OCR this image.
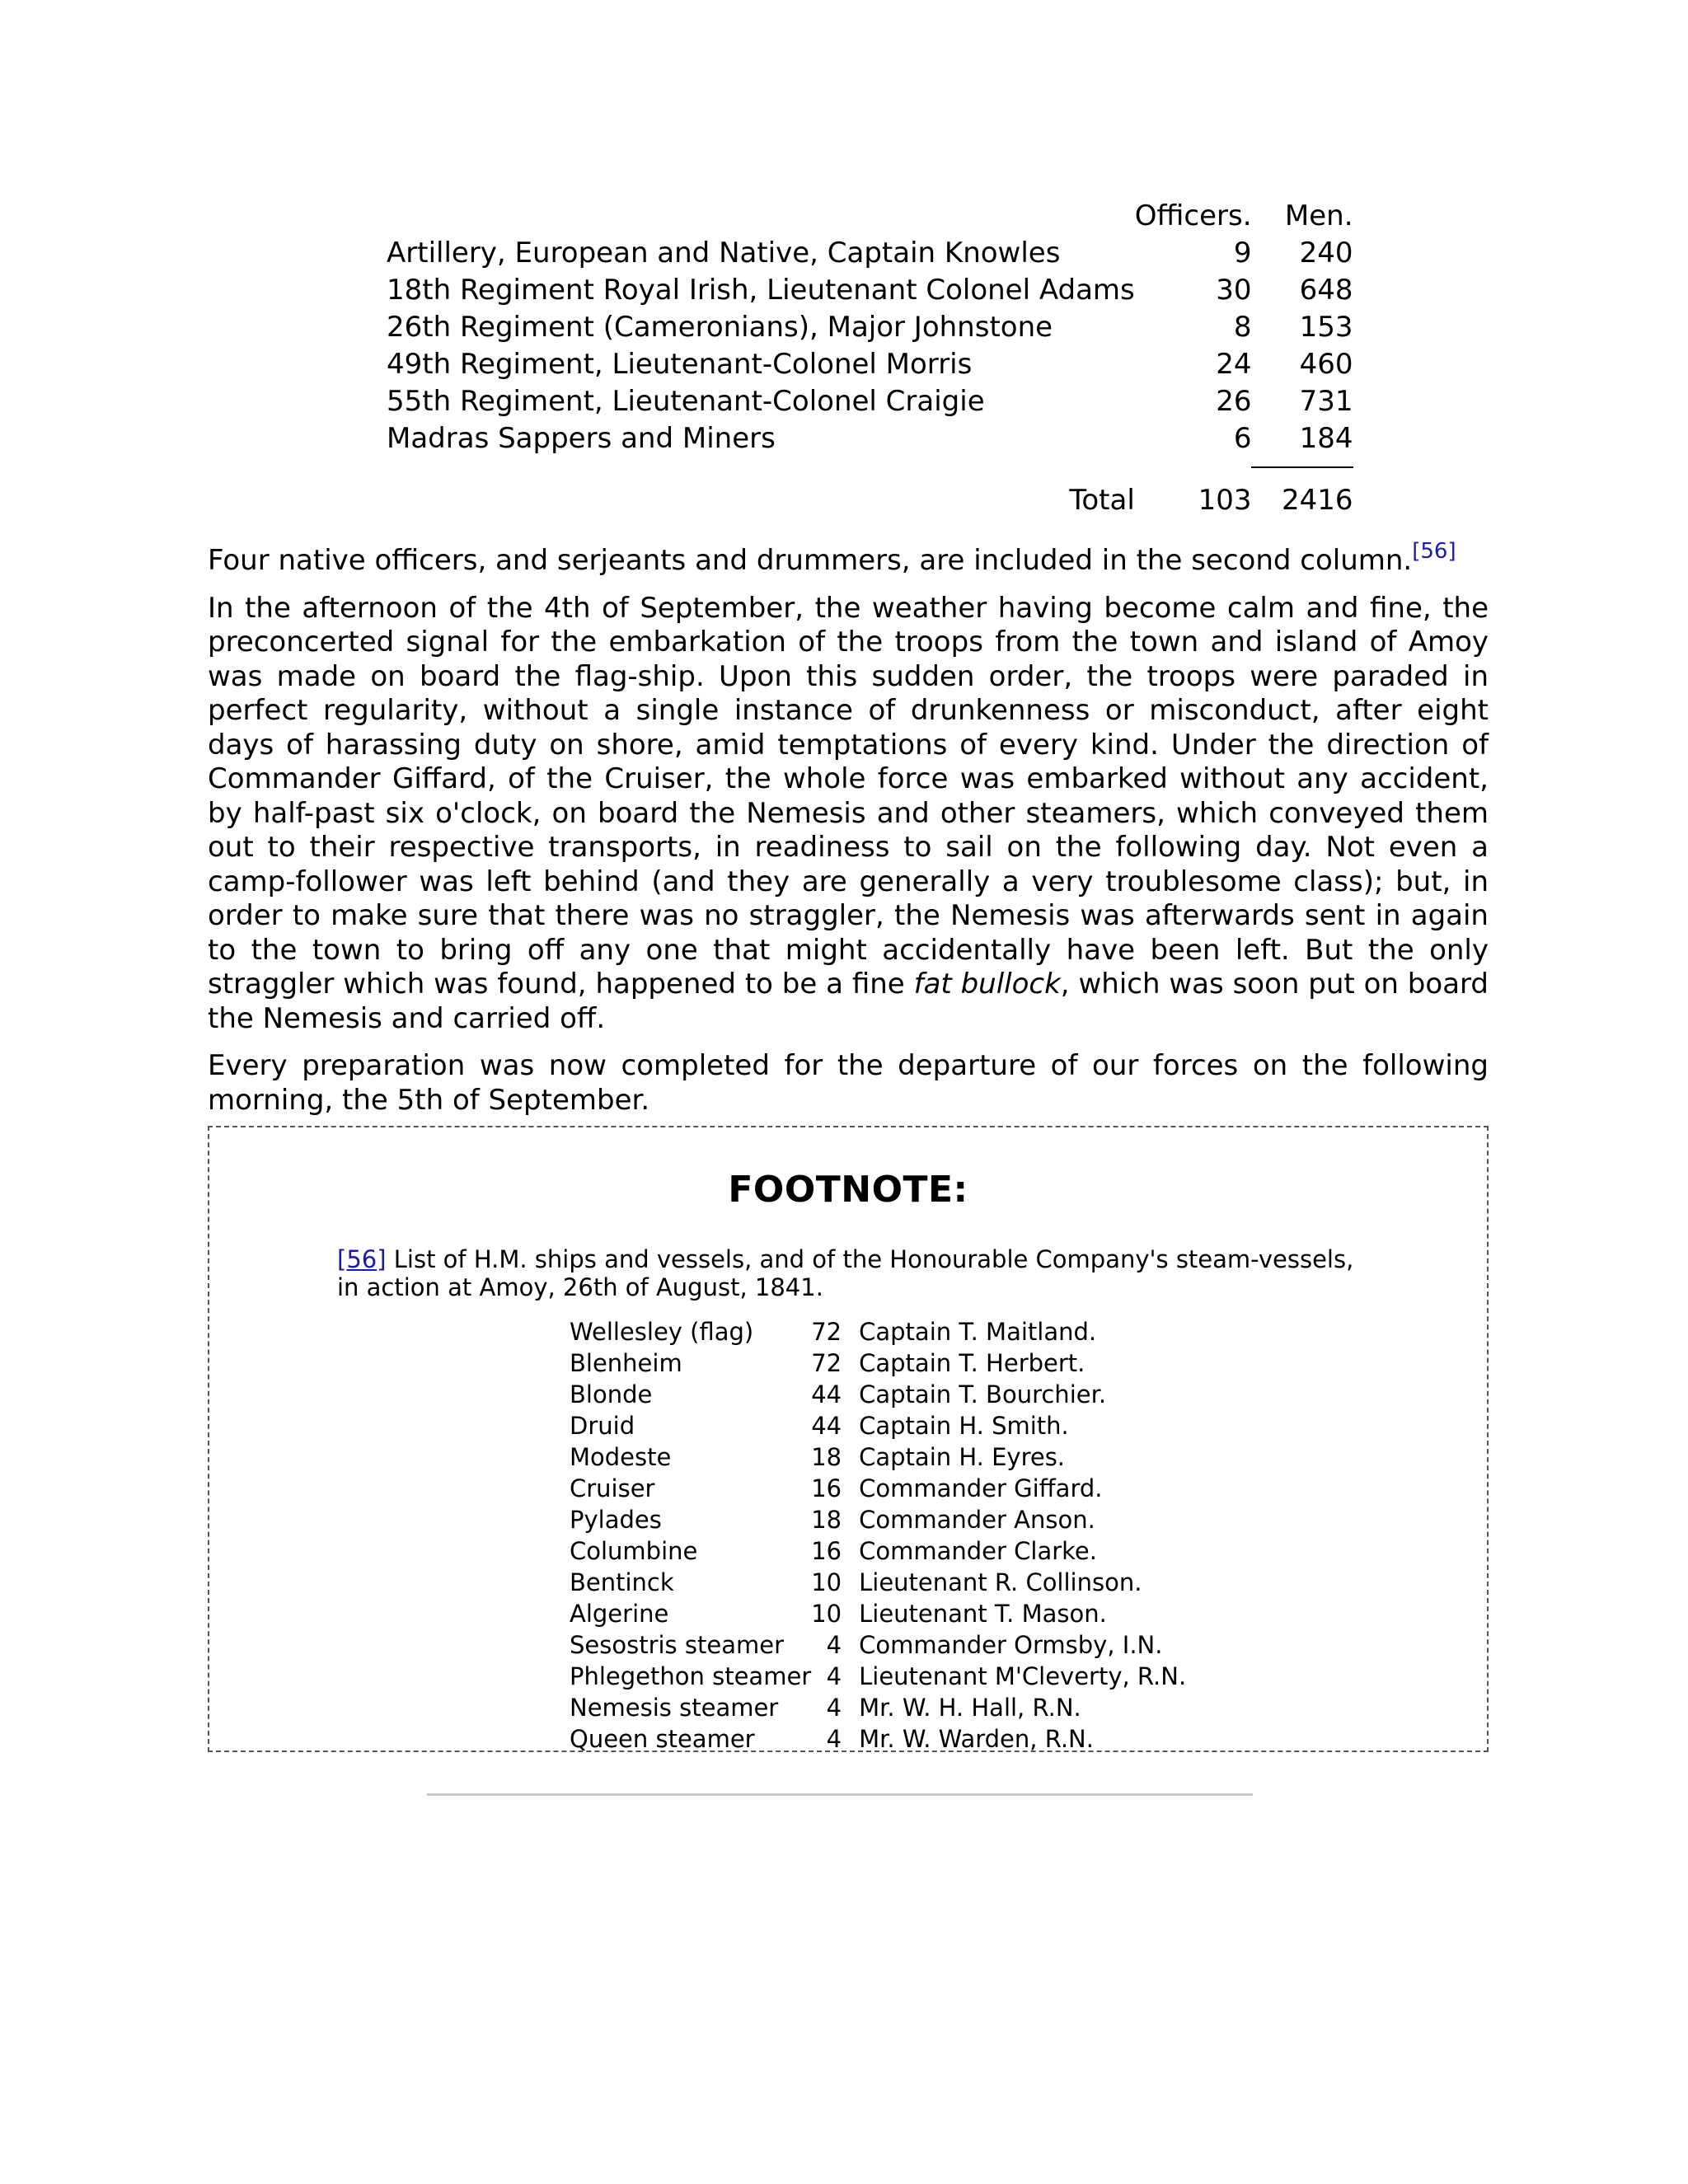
	Officers.	Men.
Artillery, European and Native, Captain Knowles	9	240
18th Regiment Royal Irish, Lieutenant Colonel Adams	30	648
26th Regiment (Cameronians), Major Johnstone	8	153
49th Regiment, Lieutenant-Colonel Morris	24	460
55th Regiment, Lieutenant-Colonel Craigie	26	731
Madras Sappers and Miners	6	184

Total	103	2416

Four native officers, and serjeants and drummers, are included in the second column.[56]

In the afternoon of the 4th of September, the weather having become calm and fine, the preconcerted signal for the embarkation of the troops from the town and island of Amoy was made on board the flag-ship. Upon this sudden order, the troops were paraded in perfect regularity, without a single instance of drunkenness or misconduct, after eight days of harassing duty on shore, amid temptations of every kind. Under the direction of Commander Giffard, of the Cruiser, the whole force was embarked without any accident, by half-past six o'clock, on board the Nemesis and other steamers, which conveyed them out to their respective transports, in readiness to sail on the following day. Not even a camp-follower was left behind (and they are generally a very troublesome class); but, in order to make sure that there was no straggler, the Nemesis was afterwards sent in again to the town to bring off any one that might accidentally have been left. But the only straggler which was found, happened to be a fine fat bullock, which was soon put on board the Nemesis and carried off.

Every preparation was now completed for the departure of our forces on the following morning, the 5th of September.

FOOTNOTE:
[56] List of H.M. ships and vessels, and of the Honourable Company's steam-vessels, in action at Amoy, 26th of August, 1841.
Wellesley (flag)	72	Captain T. Maitland.
Blenheim	72	Captain T. Herbert.
Blonde	44	Captain T. Bourchier.
Druid	44	Captain H. Smith.
Modeste	18	Captain H. Eyres.
Cruiser	16	Commander Giffard.
Pylades	18	Commander Anson.
Columbine	16	Commander Clarke.
Bentinck	10	Lieutenant R. Collinson.
Algerine	10	Lieutenant T. Mason.
Sesostris steamer	4	Commander Ormsby, I.N.
Phlegethon steamer	4	Lieutenant M'Cleverty, R.N.
Nemesis steamer	4	Mr. W. H. Hall, R.N.
Queen steamer	4	Mr. W. Warden, R.N.
